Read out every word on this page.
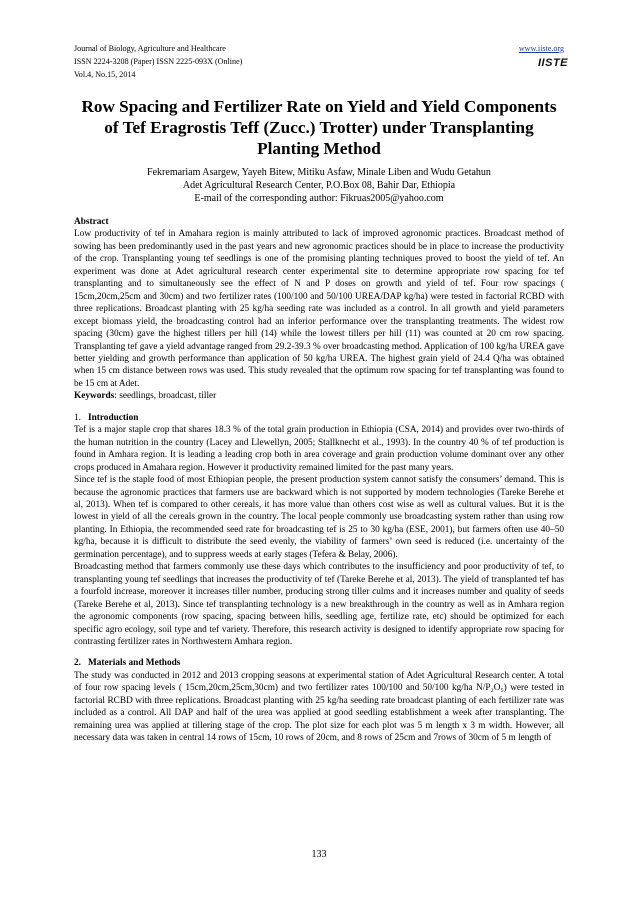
Journal of Biology, Agriculture and Healthcare
ISSN 2224-3208 (Paper) ISSN 2225-093X (Online)
Vol.4, No.15, 2014
www.iiste.org
IISTE
Row Spacing and Fertilizer Rate on Yield and Yield Components of Tef Eragrostis Teff (Zucc.) Trotter) under Transplanting Planting Method
Fekremariam Asargew, Yayeh Bitew, Mitiku Asfaw, Minale Liben and Wudu Getahun
Adet Agricultural Research Center, P.O.Box 08, Bahir Dar, Ethiopia
E-mail of the corresponding author: Fikruas2005@yahoo.com

Abstract

Low productivity of tef in Amahara region is mainly attributed to lack of improved agronomic practices. Broadcast method of sowing has been predominantly used in the past years and new agronomic practices should be in place to increase the productivity of the crop. Transplanting young tef seedlings is one of the promising planting techniques proved to boost the yield of tef. An experiment was done at Adet agricultural research center experimental site to determine appropriate row spacing for tef transplanting and to simultaneously see the effect of N and P doses on growth and yield of tef. Four row spacings ( 15cm,20cm,25cm and 30cm) and two fertilizer rates (100/100 and 50/100 UREA/DAP kg/ha) were tested in factorial RCBD with three replications. Broadcast planting with 25 kg/ha seeding rate was included as a control. In all growth and yield parameters except biomass yield, the broadcasting control had an inferior performance over the transplanting treatments. The widest row spacing (30cm) gave the highest tillers per hill (14) while the lowest tillers per hill (11) was counted at 20 cm row spacing. Transplanting tef gave a yield advantage ranged from 29.2-39.3 % over broadcasting method. Application of 100 kg/ha UREA gave better yielding and growth performance than application of 50 kg/ha UREA. The highest grain yield of 24.4 Q/ha was obtained when 15 cm distance between rows was used. This study revealed that the optimum row spacing for tef transplanting was found to be 15 cm at Adet.

Keywords: seedlings, broadcast, tiller

1. Introduction

Tef is a major staple crop that shares 18.3 % of the total grain production in Ethiopia (CSA, 2014) and provides over two-thirds of the human nutrition in the country (Lacey and Llewellyn, 2005; Stallknecht et al., 1993). In the country 40 % of tef production is found in Amhara region. It is leading a leading crop both in area coverage and grain production volume dominant over any other crops produced in Amahara region. However it productivity remained limited for the past many years.

Since tef is the staple food of most Ethiopian people, the present production system cannot satisfy the consumers’ demand. This is because the agronomic practices that farmers use are backward which is not supported by modern technologies (Tareke Berehe et al, 2013). When tef is compared to other cereals, it has more value than others cost wise as well as cultural values. But it is the lowest in yield of all the cereals grown in the country. The local people commonly use broadcasting system rather than using row planting. In Ethiopia, the recommended seed rate for broadcasting tef is 25 to 30 kg/ha (ESE, 2001), but farmers often use 40–50 kg/ha, because it is difficult to distribute the seed evenly, the viability of farmers’ own seed is reduced (i.e. uncertainty of the germination percentage), and to suppress weeds at early stages (Tefera & Belay, 2006).

Broadcasting method that farmers commonly use these days which contributes to the insufficiency and poor productivity of tef, to transplanting young tef seedlings that increases the productivity of tef (Tareke Berehe et al, 2013). The yield of transplanted tef has a fourfold increase, moreover it increases tiller number, producing strong tiller culms and it increases number and quality of seeds (Tareke Berehe et al, 2013). Since tef transplanting technology is a new breakthrough in the country as well as in Amhara region the agronomic components (row spacing, spacing between hills, seedling age, fertilize rate, etc) should be optimized for each specific agro ecology, soil type and tef variety. Therefore, this research activity is designed to identify appropriate row spacing for contrasting fertilizer rates in Northwestern Amhara region.

2. Materials and Methods

The study was conducted in 2012 and 2013 cropping seasons at experimental station of Adet Agricultural Research center. A total of four row spacing levels ( 15cm,20cm,25cm,30cm) and two fertilizer rates 100/100 and 50/100 kg/ha N/P₂O₅) were tested in factorial RCBD with three replications. Broadcast planting with 25 kg/ha seeding rate broadcast planting of each fertilizer rate was included as a control. All DAP and half of the urea was applied at good seedling establishment a week after transplanting. The remaining urea was applied at tillering stage of the crop. The plot size for each plot was 5 m length x 3 m width. However, all necessary data was taken in central 14 rows of 15cm, 10 rows of 20cm, and 8 rows of 25cm and 7rows of 30cm of 5 m length of

133
